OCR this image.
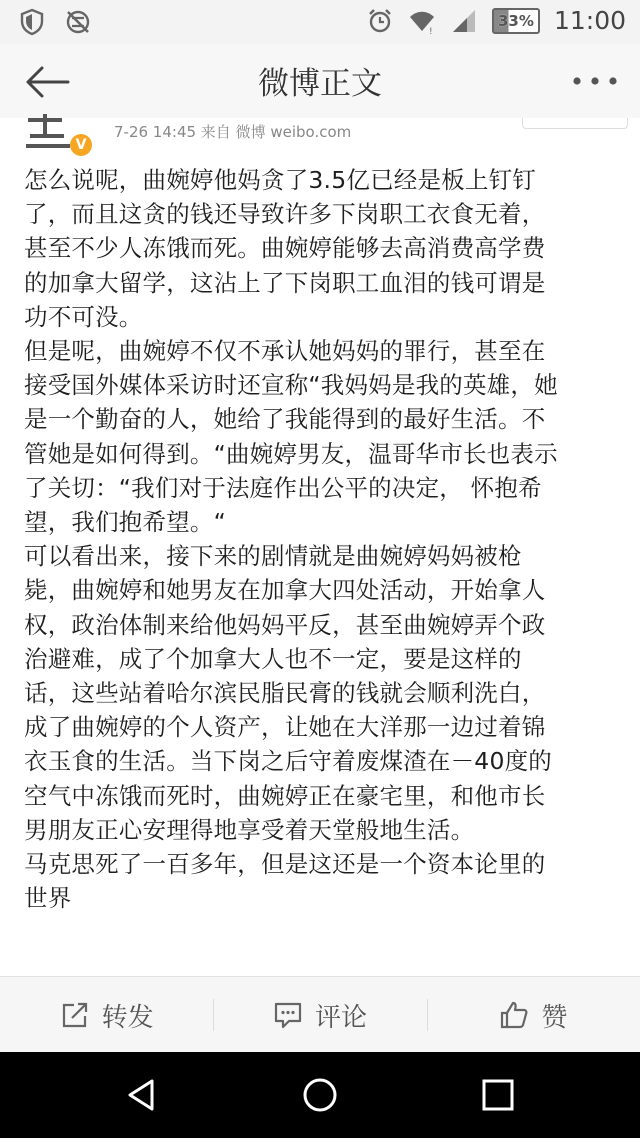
!
33% 11:00
微博正文
V
7-26 14:45 来自 微博 weibo.com

怎么说呢，曲婉婷他妈贪了3.5亿已经是板上钉钉

了，而且这贪的钱还导致许多下岗职工衣食无着，

甚至不少人冻饿而死。曲婉婷能够去高消费高学费

的加拿大留学，这沾上了下岗职工血泪的钱可谓是

功不可没。

但是呢，曲婉婷不仅不承认她妈妈的罪行，甚至在

接受国外媒体采访时还宣称“我妈妈是我的英雄，她

是一个勤奋的人，她给了我能得到的最好生活。不

管她是如何得到。“曲婉婷男友，温哥华市长也表示

了关切：“我们对于法庭作出公平的决定， 怀抱希

望，我们抱希望。“

可以看出来，接下来的剧情就是曲婉婷妈妈被枪

毙，曲婉婷和她男友在加拿大四处活动，开始拿人

权，政治体制来给他妈妈平反，甚至曲婉婷弄个政

治避难，成了个加拿大人也不一定，要是这样的

话，这些站着哈尔滨民脂民膏的钱就会顺利洗白，

成了曲婉婷的个人资产，让她在大洋那一边过着锦

衣玉食的生活。当下岗之后守着废煤渣在－40度的

空气中冻饿而死时，曲婉婷正在豪宅里，和他市长

男朋友正心安理得地享受着天堂般地生活。

马克思死了一百多年，但是这还是一个资本论里的

世界

转发	评论	赞
